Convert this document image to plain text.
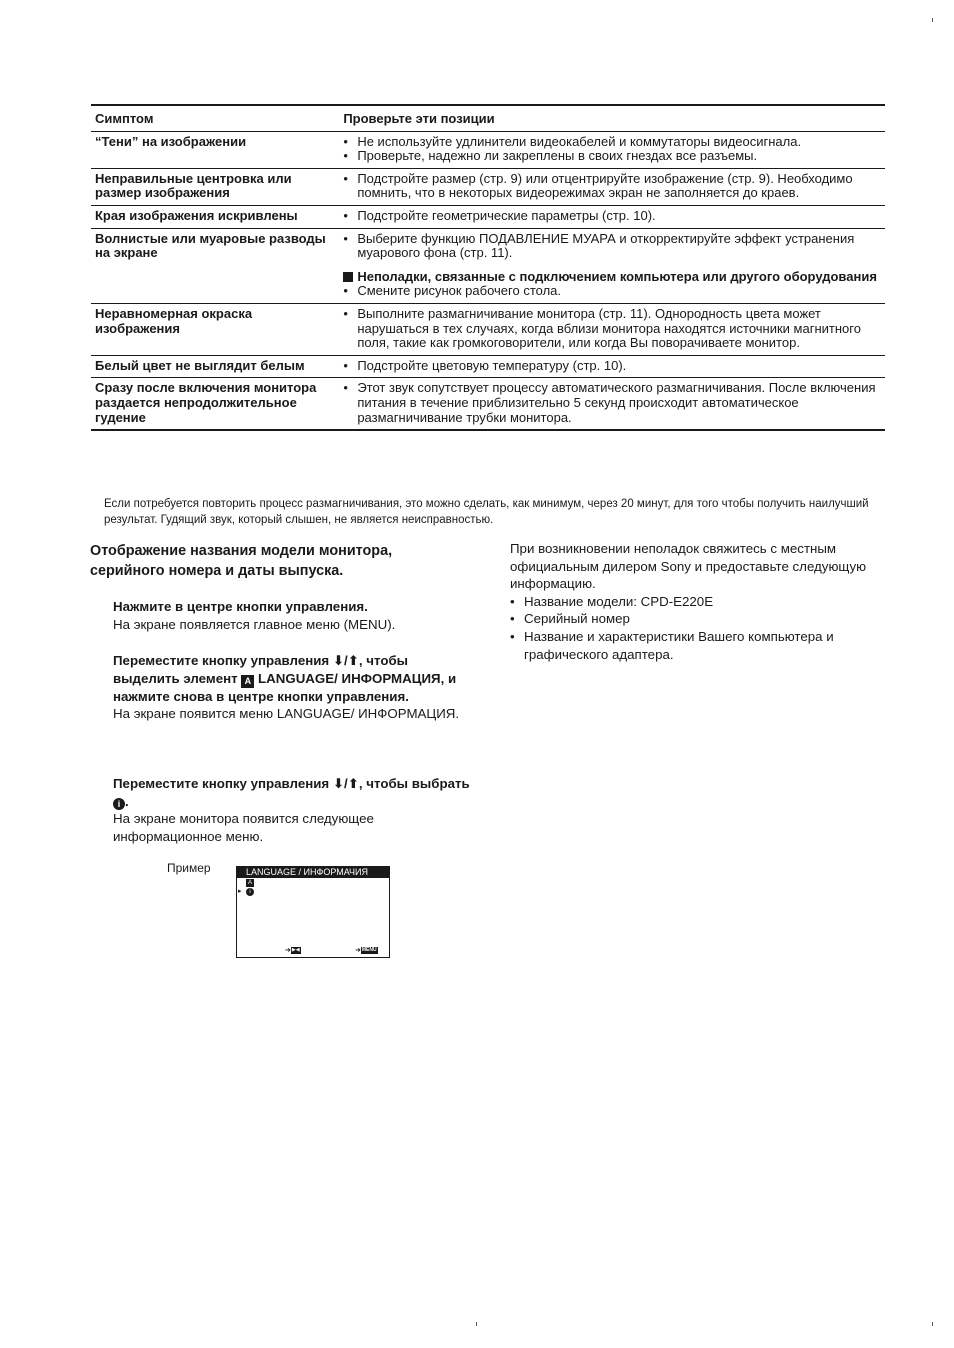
Симптом	Проверьте эти позиции
“Тени” на изображении	• Не используйте удлинители видеокабелей и коммутаторы видеосигнала.
• Проверьте, надежно ли закреплены в своих гнездах все разъемы.

Неправильные центровка или размер изображения	• Подстройте размер (стр. 9) или отцентрируйте изображение (стр. 9). Необходимо помнить, что в некоторых видеорежимах экран не заполняется до краев.

Края изображения искривлены	• Подстройте геометрические параметры (стр. 10).

Волнистые или муаровые разводы на экране	• Выберите функцию ПОДАВЛЕНИЕ МУАРА и откорректируйте эффект устранения муарового фона (стр. 11).
Неполадки, связанные с подключением компьютера или другого оборудования
• Смените рисунок рабочего стола.

Неравномерная окраска изображения	• Выполните размагничивание монитора (стр. 11). Однородность цвета может нарушаться в тех случаях, когда вблизи монитора находятся источники магнитного поля, такие как громкоговорители, или когда Вы поворачиваете монитор.

Белый цвет не выглядит белым	• Подстройте цветовую температуру (стр. 10).

Сразу после включения монитора раздается непродолжительное гудение	• Этот звук сопутствует процессу автоматического размагничивания. После включения питания в течение приблизительно 5 секунд происходит автоматическое размагничивание трубки монитора.
Если потребуется повторить процесс размагничивания, это можно сделать, как минимум, через 20 минут, для того чтобы получить наилучший результат. Гудящий звук, который слышен, не является неисправностью.
Отображение названия модели монитора, серийного номера и даты выпуска.
Нажмите в центре кнопки управления.
На экране появляется главное меню (MENU).
Переместите кнопку управления ⬇/⬆, чтобы выделить элемент A LANGUAGE/ ИНФОРМАЦИЯ, и нажмите снова в центре кнопки управления.
На экране появится меню LANGUAGE/ ИНФОРМАЦИЯ.
Переместите кнопку управления ⬇/⬆, чтобы выбрать i .
На экране монитора появится следующее информационное меню.
Пример	LANGUAGE / ИНФОРМАЧИЯ
A
▸ i
➜▶◀	➜MENU
При возникновении неполадок свяжитесь с местным официальным дилером Sony и предоставьте следующую информацию.
• Название модели: CPD-E220E
• Серийный номер
• Название и характеристики Вашего компьютера и графического адаптера.
